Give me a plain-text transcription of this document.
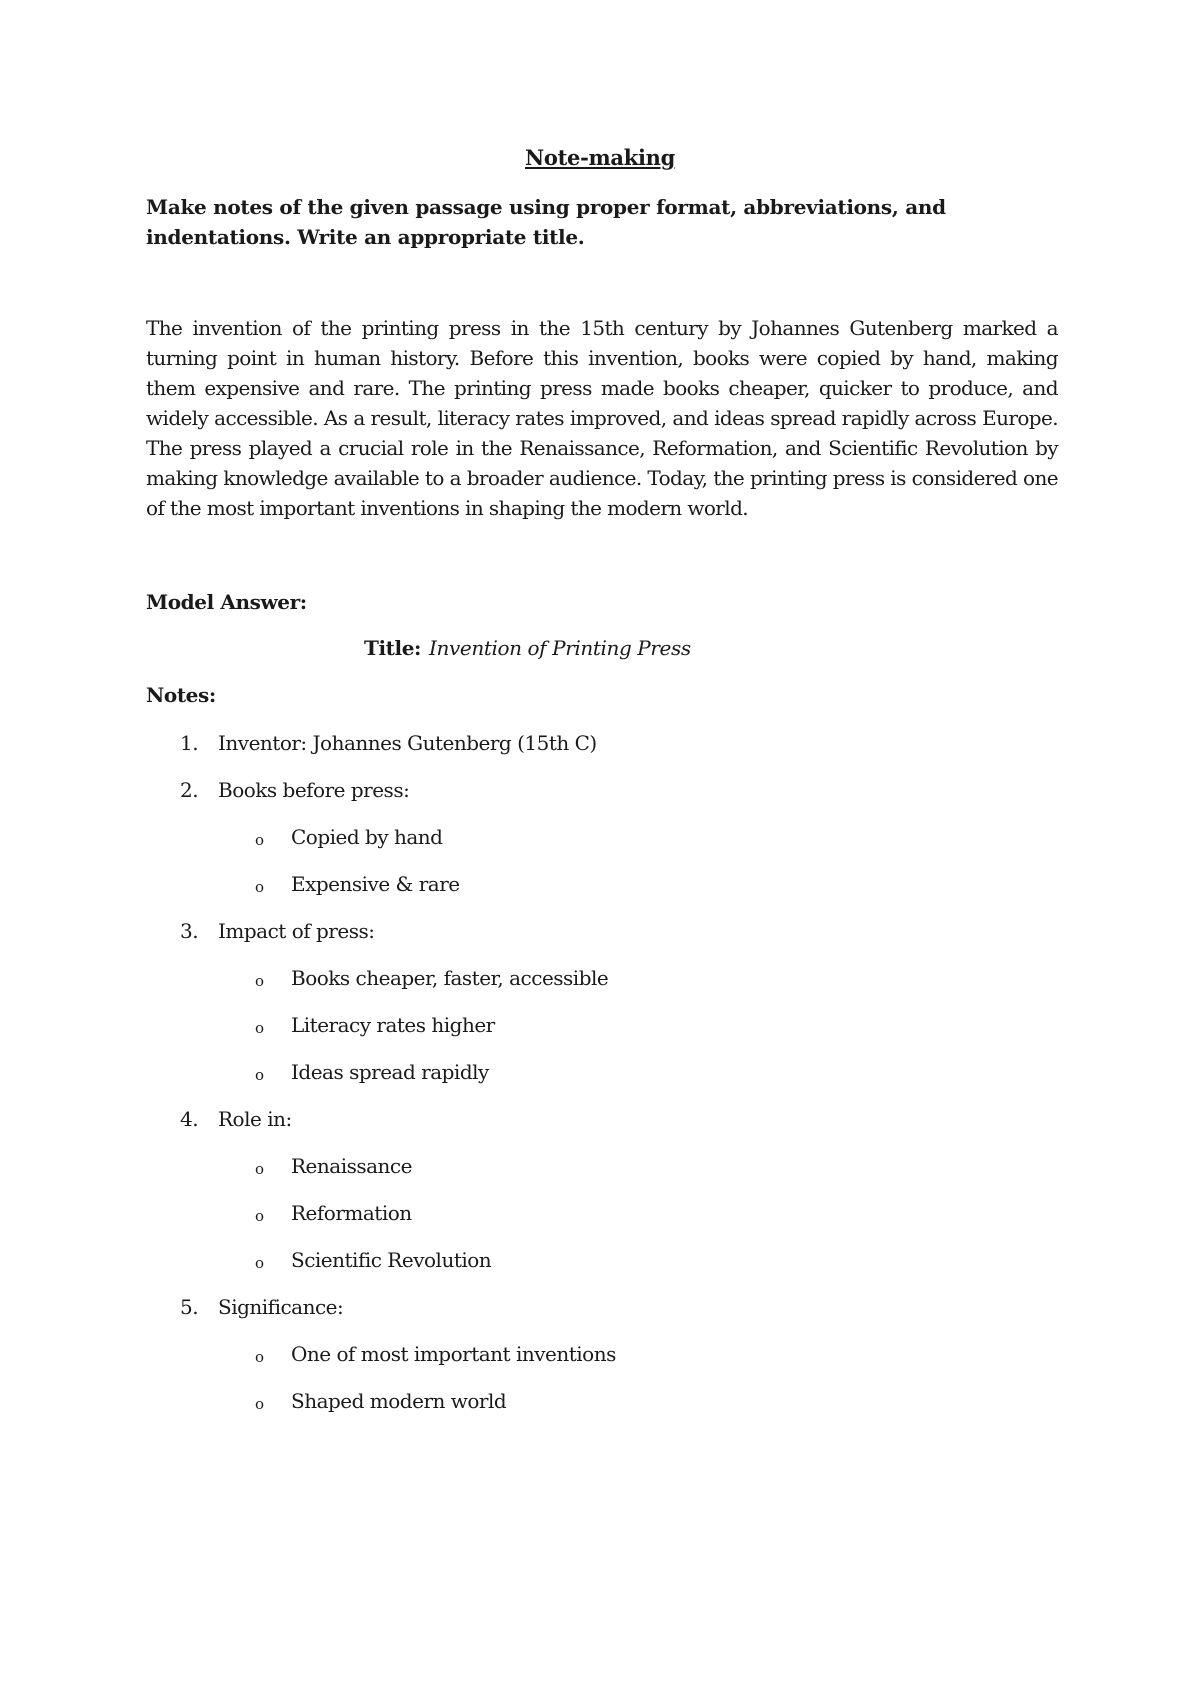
Note-making
Make notes of the given passage using proper format, abbreviations, and indentations. Write an appropriate title.
The invention of the printing press in the 15th century by Johannes Gutenberg marked a turning point in human history. Before this invention, books were copied by hand, making them expensive and rare. The printing press made books cheaper, quicker to produce, and widely accessible. As a result, literacy rates improved, and ideas spread rapidly across Europe. The press played a crucial role in the Renaissance, Reformation, and Scientific Revolution by making knowledge available to a broader audience. Today, the printing press is considered one of the most important inventions in shaping the modern world.
Model Answer:
Title: Invention of Printing Press
Notes:
1. Inventor: Johannes Gutenberg (15th C)
2. Books before press:
o Copied by hand
o Expensive & rare
3. Impact of press:
o Books cheaper, faster, accessible
o Literacy rates higher
o Ideas spread rapidly
4. Role in:
o Renaissance
o Reformation
o Scientific Revolution
5. Significance:
o One of most important inventions
o Shaped modern world
